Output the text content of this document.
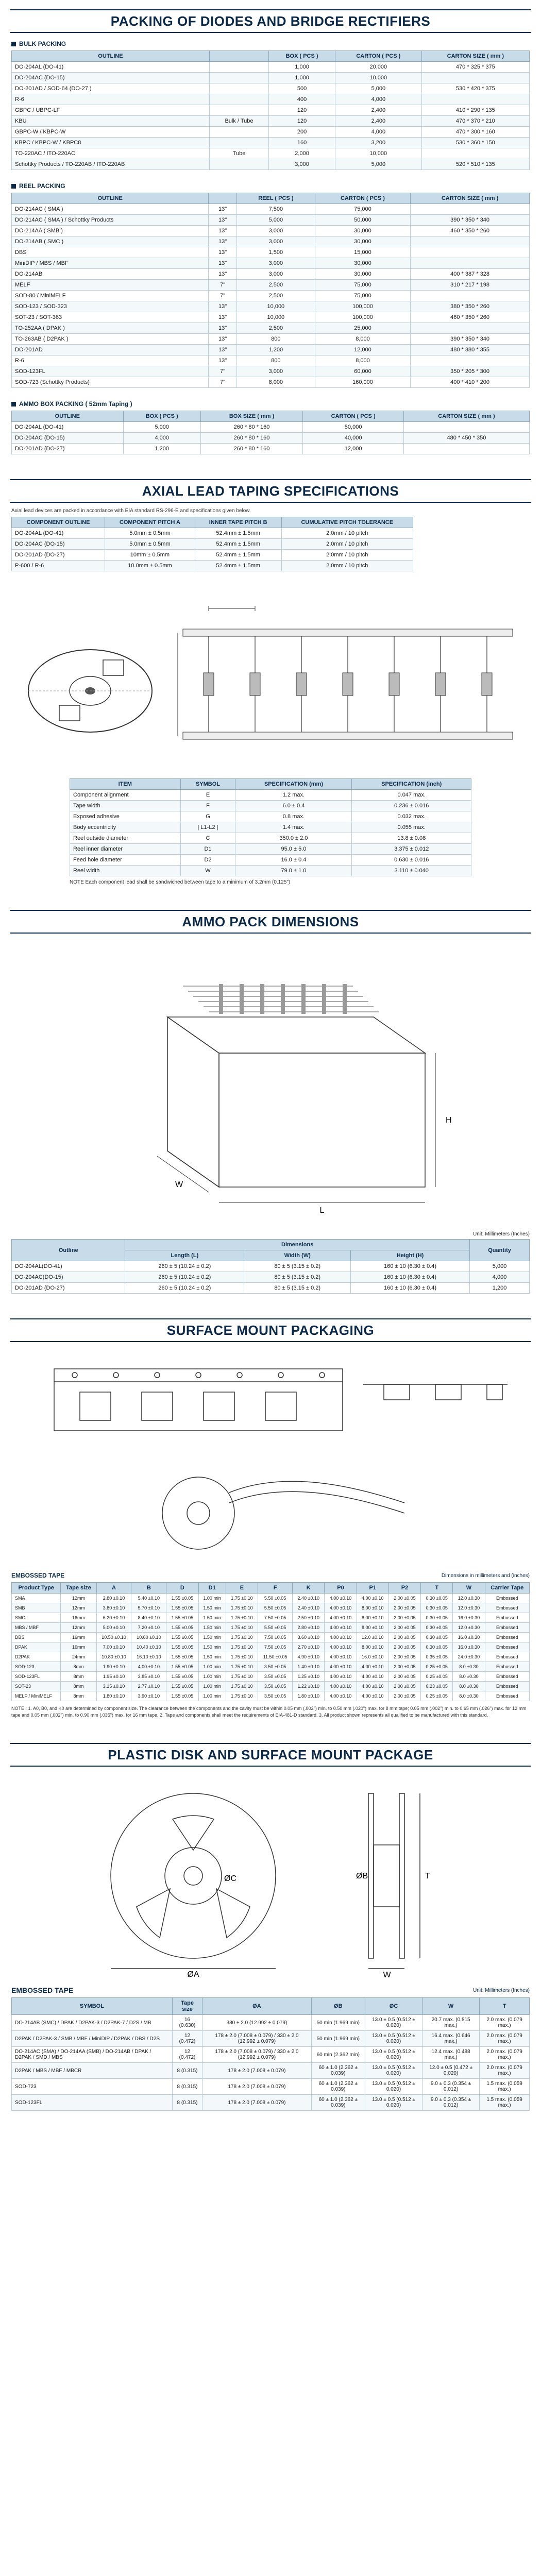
PACKING OF DIODES AND BRIDGE RECTIFIERS
BULK PACKING
OUTLINE		BOX ( PCS )	CARTON ( PCS )	CARTON SIZE ( mm )
DO-204AL (DO-41)		1,000	20,000	470 * 325 * 375
DO-204AC (DO-15)		1,000	10,000	
DO-201AD / SOD-64 (DO-27 )		500	5,000	530 * 420 * 375
R-6		400	4,000	
GBPC / UBPC-LF		120	2,400	410 * 290 * 135
KBU	Bulk / Tube	120	2,400	470 * 370 * 210
GBPC-W / KBPC-W		200	4,000	470 * 300 * 160
KBPC / KBPC-W / KBPC8		160	3,200	530 * 360 * 150
TO-220AC / ITO-220AC	Tube	2,000	10,000	
Schottky Products / TO-220AB / ITO-220AB		3,000	5,000	520 * 510 * 135
REEL PACKING
OUTLINE		REEL ( PCS )	CARTON ( PCS )	CARTON SIZE ( mm )
DO-214AC ( SMA )	13"	7,500	75,000	
DO-214AC ( SMA ) / Schottky Products	13"	5,000	50,000	390 * 350 * 340
DO-214AA ( SMB )	13"	3,000	30,000	460 * 350 * 260
DO-214AB ( SMC )	13"	3,000	30,000	
DBS	13"	1,500	15,000	
MiniDIP / MBS / MBF	13"	3,000	30,000	
DO-214AB	13"	3,000	30,000	400 * 387 * 328
MELF	7"	2,500	75,000	310 * 217 * 198
SOD-80 / MiniMELF	7"	2,500	75,000	
SOD-123 / SOD-323	13"	10,000	100,000	380 * 350 * 260
SOT-23 / SOT-363	13"	10,000	100,000	460 * 350 * 260
TO-252AA ( DPAK )	13"	2,500	25,000	
TO-263AB ( D2PAK )	13"	800	8,000	390 * 350 * 340
DO-201AD	13"	1,200	12,000	480 * 380 * 355
R-6	13"	800	8,000	
SOD-123FL	7"	3,000	60,000	350 * 205 * 300
SOD-723 (Schottky Products)	7"	8,000	160,000	400 * 410 * 200
AMMO BOX PACKING ( 52mm Taping )
OUTLINE	BOX ( PCS )	BOX SIZE ( mm )	CARTON ( PCS )	CARTON SIZE ( mm )
DO-204AL (DO-41)	5,000	260 * 80 * 160	50,000	
DO-204AC (DO-15)	4,000	260 * 80 * 160	40,000	480 * 450 * 350
DO-201AD (DO-27)	1,200	260 * 80 * 160	12,000	
AXIAL LEAD TAPING SPECIFICATIONS
Axial lead devices are packed in accordance with EIA standard RS-296-E and specifications given below.
COMPONENT OUTLINE	COMPONENT PITCH A	INNER TAPE PITCH B	CUMULATIVE PITCH TOLERANCE
DO-204AL (DO-41)	5.0mm ± 0.5mm	52.4mm ± 1.5mm	2.0mm / 10 pitch
DO-204AC (DO-15)	5.0mm ± 0.5mm	52.4mm ± 1.5mm	2.0mm / 10 pitch
DO-201AD (DO-27)	10mm ± 0.5mm	52.4mm ± 1.5mm	2.0mm / 10 pitch
P-600 / R-6	10.0mm ± 0.5mm	52.4mm ± 1.5mm	2.0mm / 10 pitch
ITEM	SYMBOL	SPECIFICATION (mm)	SPECIFICATION (inch)
Component alignment	E	1.2 max.	0.047 max.
Tape width	F	6.0 ± 0.4	0.236 ± 0.016
Exposed adhesive	G	0.8 max.	0.032 max.
Body eccentricity	| L1-L2 |	1.4 max.	0.055 max.
Reel outside diameter	C	350.0 ± 2.0	13.8 ± 0.08
Reel inner diameter	D1	95.0 ± 5.0	3.375 ± 0.012
Feed hole diameter	D2	16.0 ± 0.4	0.630 ± 0.016
Reel width	W	79.0 ± 1.0	3.110 ± 0.040
NOTE Each component lead shall be sandwiched between tape to a minimum of 3.2mm (0.125")
AMMO PACK DIMENSIONS
L
H
W
Unit: Millimeters (Inches)
Outline	Dimensions			Quantity
	Length (L)	Width (W)	Height (H)	
DO-204AL(DO-41)	260 ± 5 (10.24 ± 0.2)	80 ± 5 (3.15 ± 0.2)	160 ± 10 (6.30 ± 0.4)	5,000
DO-204AC(DO-15)	260 ± 5 (10.24 ± 0.2)	80 ± 5 (3.15 ± 0.2)	160 ± 10 (6.30 ± 0.4)	4,000
DO-201AD (DO-27)	260 ± 5 (10.24 ± 0.2)	80 ± 5 (3.15 ± 0.2)	160 ± 10 (6.30 ± 0.4)	1,200
SURFACE MOUNT PACKAGING
EMBOSSED TAPE	Dimensions in millimeters and (inches)
Product Type	Tape size	A	B	D	D1	E	F	K	P0	P1	P2	T	W	Carrier Tape
SMA	12mm	2.80 ±0.10	5.40 ±0.10	1.55 ±0.05	1.00 min	1.75 ±0.10	5.50 ±0.05	2.40 ±0.10	4.00 ±0.10	4.00 ±0.10	2.00 ±0.05	0.30 ±0.05	12.0 ±0.30	Embossed
SMB	12mm	3.80 ±0.10	5.70 ±0.10	1.55 ±0.05	1.50 min	1.75 ±0.10	5.50 ±0.05	2.40 ±0.10	4.00 ±0.10	8.00 ±0.10	2.00 ±0.05	0.30 ±0.05	12.0 ±0.30	Embossed
SMC	16mm	6.20 ±0.10	8.40 ±0.10	1.55 ±0.05	1.50 min	1.75 ±0.10	7.50 ±0.05	2.50 ±0.10	4.00 ±0.10	8.00 ±0.10	2.00 ±0.05	0.30 ±0.05	16.0 ±0.30	Embossed
MBS / MBF	12mm	5.00 ±0.10	7.20 ±0.10	1.55 ±0.05	1.50 min	1.75 ±0.10	5.50 ±0.05	2.80 ±0.10	4.00 ±0.10	8.00 ±0.10	2.00 ±0.05	0.30 ±0.05	12.0 ±0.30	Embossed
DBS	16mm	10.50 ±0.10	10.60 ±0.10	1.55 ±0.05	1.50 min	1.75 ±0.10	7.50 ±0.05	3.60 ±0.10	4.00 ±0.10	12.0 ±0.10	2.00 ±0.05	0.30 ±0.05	16.0 ±0.30	Embossed
DPAK	16mm	7.00 ±0.10	10.40 ±0.10	1.55 ±0.05	1.50 min	1.75 ±0.10	7.50 ±0.05	2.70 ±0.10	4.00 ±0.10	8.00 ±0.10	2.00 ±0.05	0.30 ±0.05	16.0 ±0.30	Embossed
D2PAK	24mm	10.80 ±0.10	16.10 ±0.10	1.55 ±0.05	1.50 min	1.75 ±0.10	11.50 ±0.05	4.90 ±0.10	4.00 ±0.10	16.0 ±0.10	2.00 ±0.05	0.35 ±0.05	24.0 ±0.30	Embossed
SOD-123	8mm	1.90 ±0.10	4.00 ±0.10	1.55 ±0.05	1.00 min	1.75 ±0.10	3.50 ±0.05	1.40 ±0.10	4.00 ±0.10	4.00 ±0.10	2.00 ±0.05	0.25 ±0.05	8.0 ±0.30	Embossed
SOD-123FL	8mm	1.95 ±0.10	3.85 ±0.10	1.55 ±0.05	1.00 min	1.75 ±0.10	3.50 ±0.05	1.25 ±0.10	4.00 ±0.10	4.00 ±0.10	2.00 ±0.05	0.25 ±0.05	8.0 ±0.30	Embossed
SOT-23	8mm	3.15 ±0.10	2.77 ±0.10	1.55 ±0.05	1.00 min	1.75 ±0.10	3.50 ±0.05	1.22 ±0.10	4.00 ±0.10	4.00 ±0.10	2.00 ±0.05	0.23 ±0.05	8.0 ±0.30	Embossed
MELF / MiniMELF	8mm	1.80 ±0.10	3.90 ±0.10	1.55 ±0.05	1.00 min	1.75 ±0.10	3.50 ±0.05	1.80 ±0.10	4.00 ±0.10	4.00 ±0.10	2.00 ±0.05	0.25 ±0.05	8.0 ±0.30	Embossed
NOTE : 1. A0, B0, and K0 are determined by component size. The clearance between the components and the cavity must be within 0.05 mm (.002") min. to 0.50 mm (.020") max. for 8 mm tape; 0.05 mm (.002") min. to 0.65 mm (.026") max. for 12 mm tape and 0.05 mm (.002") min. to 0.90 mm (.035") max. for 16 mm tape. 2. Tape and components shall meet the requirements of EIA-481-D standard. 3. All product shown represents all qualified to be manufactured with this standard.
PLASTIC DISK AND SURFACE MOUNT PACKAGE
ØA
ØC	ØB
W
T
EMBOSSED TAPE	Unit: Millimeters (Inches)
SYMBOL	Tape size	ØA	ØB	ØC	W	T
DO-214AB (SMC) / DPAK / D2PAK-3 / D2PAK-7 / D2S / MB	16 (0.630)	330 ± 2.0 (12.992 ± 0.079)	50 min (1.969 min)	13.0 ± 0.5 (0.512 ± 0.020)	20.7 max. (0.815 max.)	2.0 max. (0.079 max.)
D2PAK / D2PAK-3 / SMB / MBF / MiniDIP / D2PAK / DBS / D2S	12 (0.472)	178 ± 2.0 (7.008 ± 0.079) / 330 ± 2.0 (12.992 ± 0.079)	50 min (1.969 min)	13.0 ± 0.5 (0.512 ± 0.020)	16.4 max. (0.646 max.)	2.0 max. (0.079 max.)
DO-214AC (SMA) / DO-214AA (SMB) / DO-214AB / DPAK / D2PAK / SMD / MBS	12 (0.472)	178 ± 2.0 (7.008 ± 0.079) / 330 ± 2.0 (12.992 ± 0.079)	60 min (2.362 min)	13.0 ± 0.5 (0.512 ± 0.020)	12.4 max. (0.488 max.)	2.0 max. (0.079 max.)
D2PAK / MBS / MBF / MBCR	8 (0.315)	178 ± 2.0 (7.008 ± 0.079)	60 ± 1.0 (2.362 ± 0.039)	13.0 ± 0.5 (0.512 ± 0.020)	12.0 ± 0.5 (0.472 ± 0.020)	2.0 max. (0.079 max.)
SOD-723	8 (0.315)	178 ± 2.0 (7.008 ± 0.079)	60 ± 1.0 (2.362 ± 0.039)	13.0 ± 0.5 (0.512 ± 0.020)	9.0 ± 0.3 (0.354 ± 0.012)	1.5 max. (0.059 max.)
SOD-123FL	8 (0.315)	178 ± 2.0 (7.008 ± 0.079)	60 ± 1.0 (2.362 ± 0.039)	13.0 ± 0.5 (0.512 ± 0.020)	9.0 ± 0.3 (0.354 ± 0.012)	1.5 max. (0.059 max.)
